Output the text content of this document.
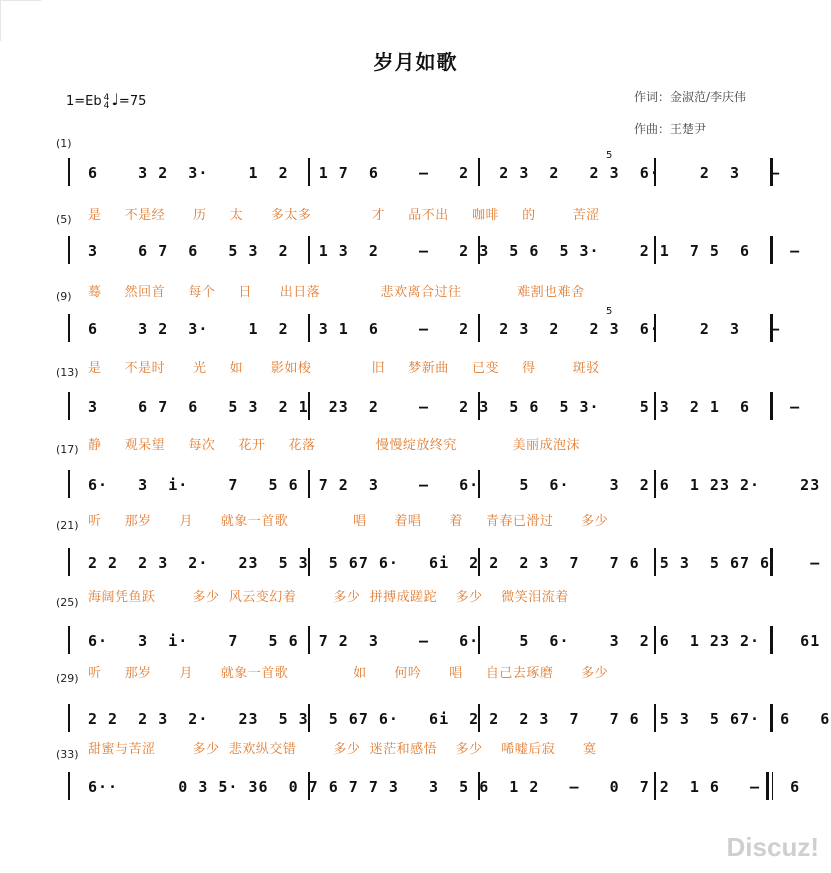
岁月如歌
1=Eb 4
4 ♩=75	作词：金淑范/李庆伟
作曲：王楚尹
(1)
6    3 2  3·    1  2   1 7  6    –   2   2 3  2   2 3  6·    2  3   –
5
是     不是经      历     太      多太多             才     品不出     咖啡     的        苦涩
(5)
3    6 7  6   5 3  2   1 3  2    –   2 3  5 6  5 3·    2 1  7 5  6    –
蓦     然回首     每个     日      出日落             悲欢离合过往            难割也难舍
(9)
6    3 2  3·    1  2   3 1  6    –   2   2 3  2   2 3  6·    2  3   –
5
是     不是时      光     如      影如梭             旧     梦新曲     已变     得        斑驳
(13)
3    6 7  6   5 3  2 1  23  2    –   2 3  5 6  5 3·    5 3  2 1  6    –
静     观呆望     每次     花开     花落             慢慢绽放终究            美丽成泡沫
(17)
6·   3  i·    7   5 6  7 2  3    –   6·    5  6·    3  2 6  1 23 2·    23
听     那岁      月      就象一首歌              唱      着唱      着     青春已滑过      多少
(21)
2 2  2 3  2·   23  5 3  5 67 6·   6i  2 2  2 3  7   7 6  5 3  5 67 6    –
海阔凭鱼跃        多少  风云变幻着        多少  拼搏成蹉跎    多少    微笑泪流着
(25)
6·   3  i·    7   5 6  7 2  3    –   6·    5  6·    3  2 6  1 23 2·    61
听     那岁      月      就象一首歌              如      何吟      唱     自己去琢磨      多少
(29)
2 2  2 3  2·   23  5 3  5 67 6·   6i  2 2  2 3  7   7 6  5 3  5 67·  6   6
甜蜜与苦涩        多少  悲欢纵交错        多少  迷茫和感悟    多少    唏嘘后寂      寞
(33)
6··      0 3 5· 36  0 7 6 7 7 3   3  5 6  1 2   –   0  7 2  1 6   –   6
Discuz!
